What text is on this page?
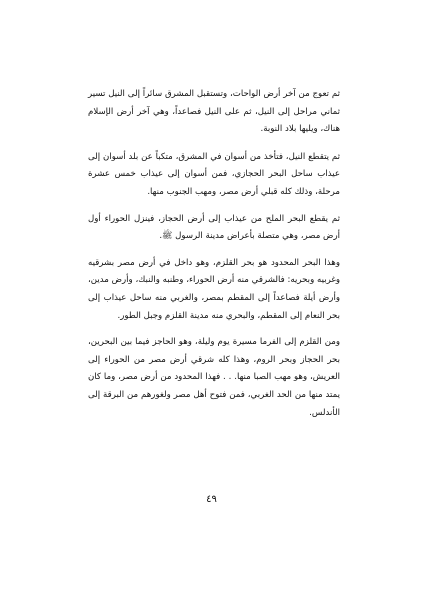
ثم تعوج من آخر أرض الواحات، وتستقبل المشرق سائراً إلى النيل تسير ثماني مراحل إلى النيل، ثم على النيل فصاعداً، وهي آخر أرض الإسلام هناك، ويليها بلاد النوبة.

ثم يتقطع النيل، فتأخذ من أسوان في المشرق، متكباً عن بلد أسوان إلى عيذاب ساحل البحر الحجازي، فمن أسوان إلى عيذاب خمس عشرة مرحلة، وذلك كله قبلي أرض مصر، ومهب الجنوب منها.

ثم يقطع البحر الملح من عيذاب إلى أرض الحجاز، فينزل الحوراء أول أرض مصر، وهي متصلة بأعراض مدينة الرسول ﷺ.

وهذا البحر المحدود هو بحر القلزم، وهو داخل في أرض مصر بشرقيه وغربيه وبحريه: فالشرقي منه أرض الحوراء، وطنبه والنبك، وأرض مدين، وأرض أيلة فصاعداً إلى المقطم بمصر، والغربي منه ساحل عيذاب إلى بحر النعام إلى المقطم، والبحري منه مدينة القلزم وجبل الطور.

ومن القلزم إلى الفرما مسيرة يوم وليلة، وهو الحاجز فيما بين البحرين، بحر الحجاز وبحر الروم، وهذا كله شرقي أرض مصر من الحوراء إلى العريش، وهو مهب الصبا منها. . . فهذا المحدود من أرض مصر، وما كان يمتد منها من الحد الغربي، فمن فتوح أهل مصر ولغورهم من البرقة إلى الأندلس.

٤٩
